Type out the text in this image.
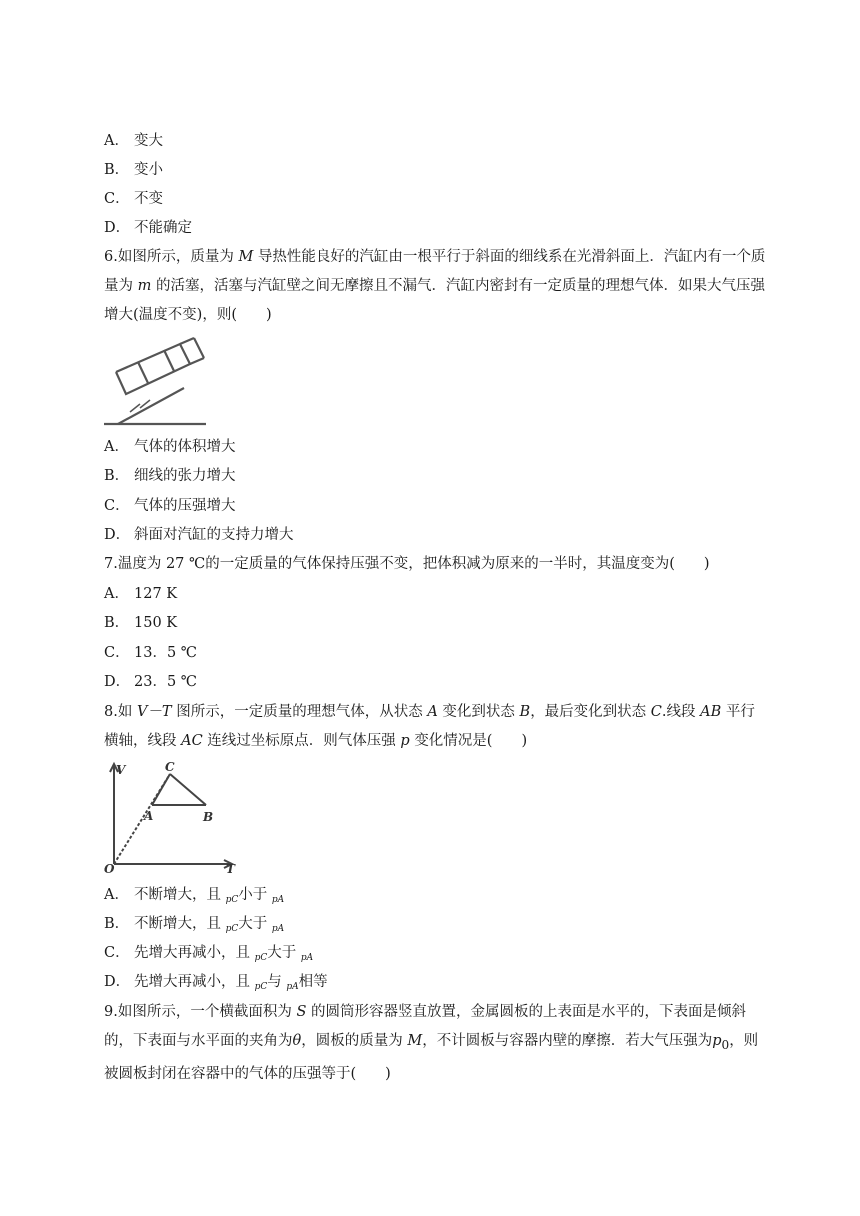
A． 变大
B． 变小
C． 不变
D． 不能确定
6.如图所示，质量为 M 导热性能良好的汽缸由一根平行于斜面的细线系在光滑斜面上．汽缸内有一个质量为 m 的活塞，活塞与汽缸壁之间无摩擦且不漏气．汽缸内密封有一定质量的理想气体．如果大气压强增大(温度不变)，则(　　)
A． 气体的体积增大
B． 细线的张力增大
C． 气体的压强增大
D． 斜面对汽缸的支持力增大
7.温度为 27 ℃的一定质量的气体保持压强不变，把体积减为原来的一半时，其温度变为(　　)
A． 127 K
B． 150 K
C． 13．5 ℃
D． 23．5 ℃
8.如 V－T 图所示，一定质量的理想气体，从状态 A 变化到状态 B，最后变化到状态 C.线段 AB 平行横轴，线段 AC 连线过坐标原点．则气体压强 p 变化情况是(　　)
V	C
A	B
O	T
A． 不断增大，且 $_{pC}$小于 $_{pA}$
B． 不断增大，且 $_{pC}$大于 $_{pA}$
C． 先增大再减小，且 $_{pC}$大于 $_{pA}$
D． 先增大再减小，且 $_{pC}$与 $_{pA}$相等
9.如图所示，一个横截面积为 S 的圆筒形容器竖直放置，金属圆板的上表面是水平的，下表面是倾斜的，下表面与水平面的夹角为θ，圆板的质量为 M，不计圆板与容器内壁的摩擦．若大气压强为$p_0$，则被圆板封闭在容器中的气体的压强等于(　　)
